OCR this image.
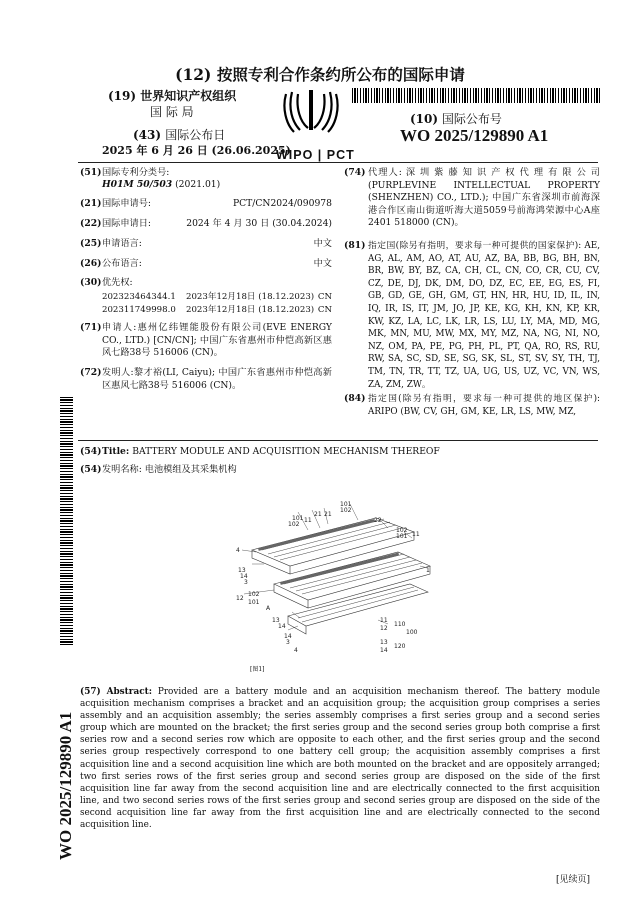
(12) 按照专利合作条约所公布的国际申请
(19) 世界知识产权组织
国 际 局
(43) 国际公布日
2025 年 6 月 26 日 (26.06.2025)
WIPO | PCT
(10) 国际公布号
WO 2025/129890 A1
(51)国际专利分类号:
H01M 50/503 (2021.01)
(21)国际申请号:	PCT/CN2024/090978
(22)国际申请日:	2024 年 4 月 30 日 (30.04.2024)
(25)申请语言:	中文
(26)公布语言:	中文
(30)优先权:
202323464344.1 2023年12月18日 (18.12.2023) CN
202311749998.0 2023年12月18日 (18.12.2023) CN
(71) 申请人:惠州亿纬锂能股份有限公司(EVE ENERGY CO., LTD.) [CN/CN]; 中国广东省惠州市仲恺高新区惠风七路38号 516006 (CN)。
(72) 发明人:黎才裕(LI, Caiyu); 中国广东省惠州市仲恺高新区惠风七路38号 516006 (CN)。
(74) 代理人: 深 圳 紫 藤 知 识 产 权 代 理 有 限 公 司 (PURPLEVINE INTELLECTUAL PROPERTY (SHENZHEN) CO., LTD.); 中国广东省深圳市前海深港合作区南山街道听海大道5059号前海鸿荣源中心A座2401 518000 (CN)。
(81) 指定国(除另有指明，要求每一种可提供的国家保护): AE, AG, AL, AM, AO, AT, AU, AZ, BA, BB, BG, BH, BN, BR, BW, BY, BZ, CA, CH, CL, CN, CO, CR, CU, CV, CZ, DE, DJ, DK, DM, DO, DZ, EC, EE, EG, ES, FI, GB, GD, GE, GH, GM, GT, HN, HR, HU, ID, IL, IN, IQ, IR, IS, IT, JM, JO, JP, KE, KG, KH, KN, KP, KR, KW, KZ, LA, LC, LK, LR, LS, LU, LY, MA, MD, MG, MK, MN, MU, MW, MX, MY, MZ, NA, NG, NI, NO, NZ, OM, PA, PE, PG, PH, PL, PT, QA, RO, RS, RU, RW, SA, SC, SD, SE, SG, SK, SL, ST, SV, SY, TH, TJ, TM, TN, TR, TT, TZ, UA, UG, US, UZ, VC, VN, WS, ZA, ZM, ZW。
(84) 指定国(除另有指明，要求每一种可提供的地区保护): ARIPO (BW, CV, GH, GM, KE, LR, LS, MW, MZ,
(54)Title: BATTERY MODULE AND ACQUISITION MECHANISM THEREOF
(54)发明名称: 电池模组及其采集机构
101
102
11
21 21
101
102
22
102
101 11
4
13
14
3
1
12
102
101
A
13
14
14
3
4
11
12
110
100
13
14
120
[图1]
(57) Abstract: Provided are a battery module and an acquisition mechanism thereof. The battery module acquisition mechanism comprises a bracket and an acquisition group; the acquisition group comprises a series assembly and an acquisition assembly; the series assembly comprises a first series group and a second series group which are mounted on the bracket; the first series group and the second series group both comprise a first series row and a second series row which are opposite to each other, and the first series group and the second series group respectively correspond to one battery cell group; the acquisition assembly comprises a first acquisition line and a second acquisition line which are both mounted on the bracket and are oppositely arranged; two first series rows of the first series group and second series group are disposed on the side of the first acquisition line far away from the second acquisition line and are electrically connected to the first acquisition line, and two second series rows of the first series group and second series group are disposed on the side of the second acquisition line far away from the first acquisition line and are electrically connected to the second acquisition line.
WO 2025/129890 A1
[见续页]
